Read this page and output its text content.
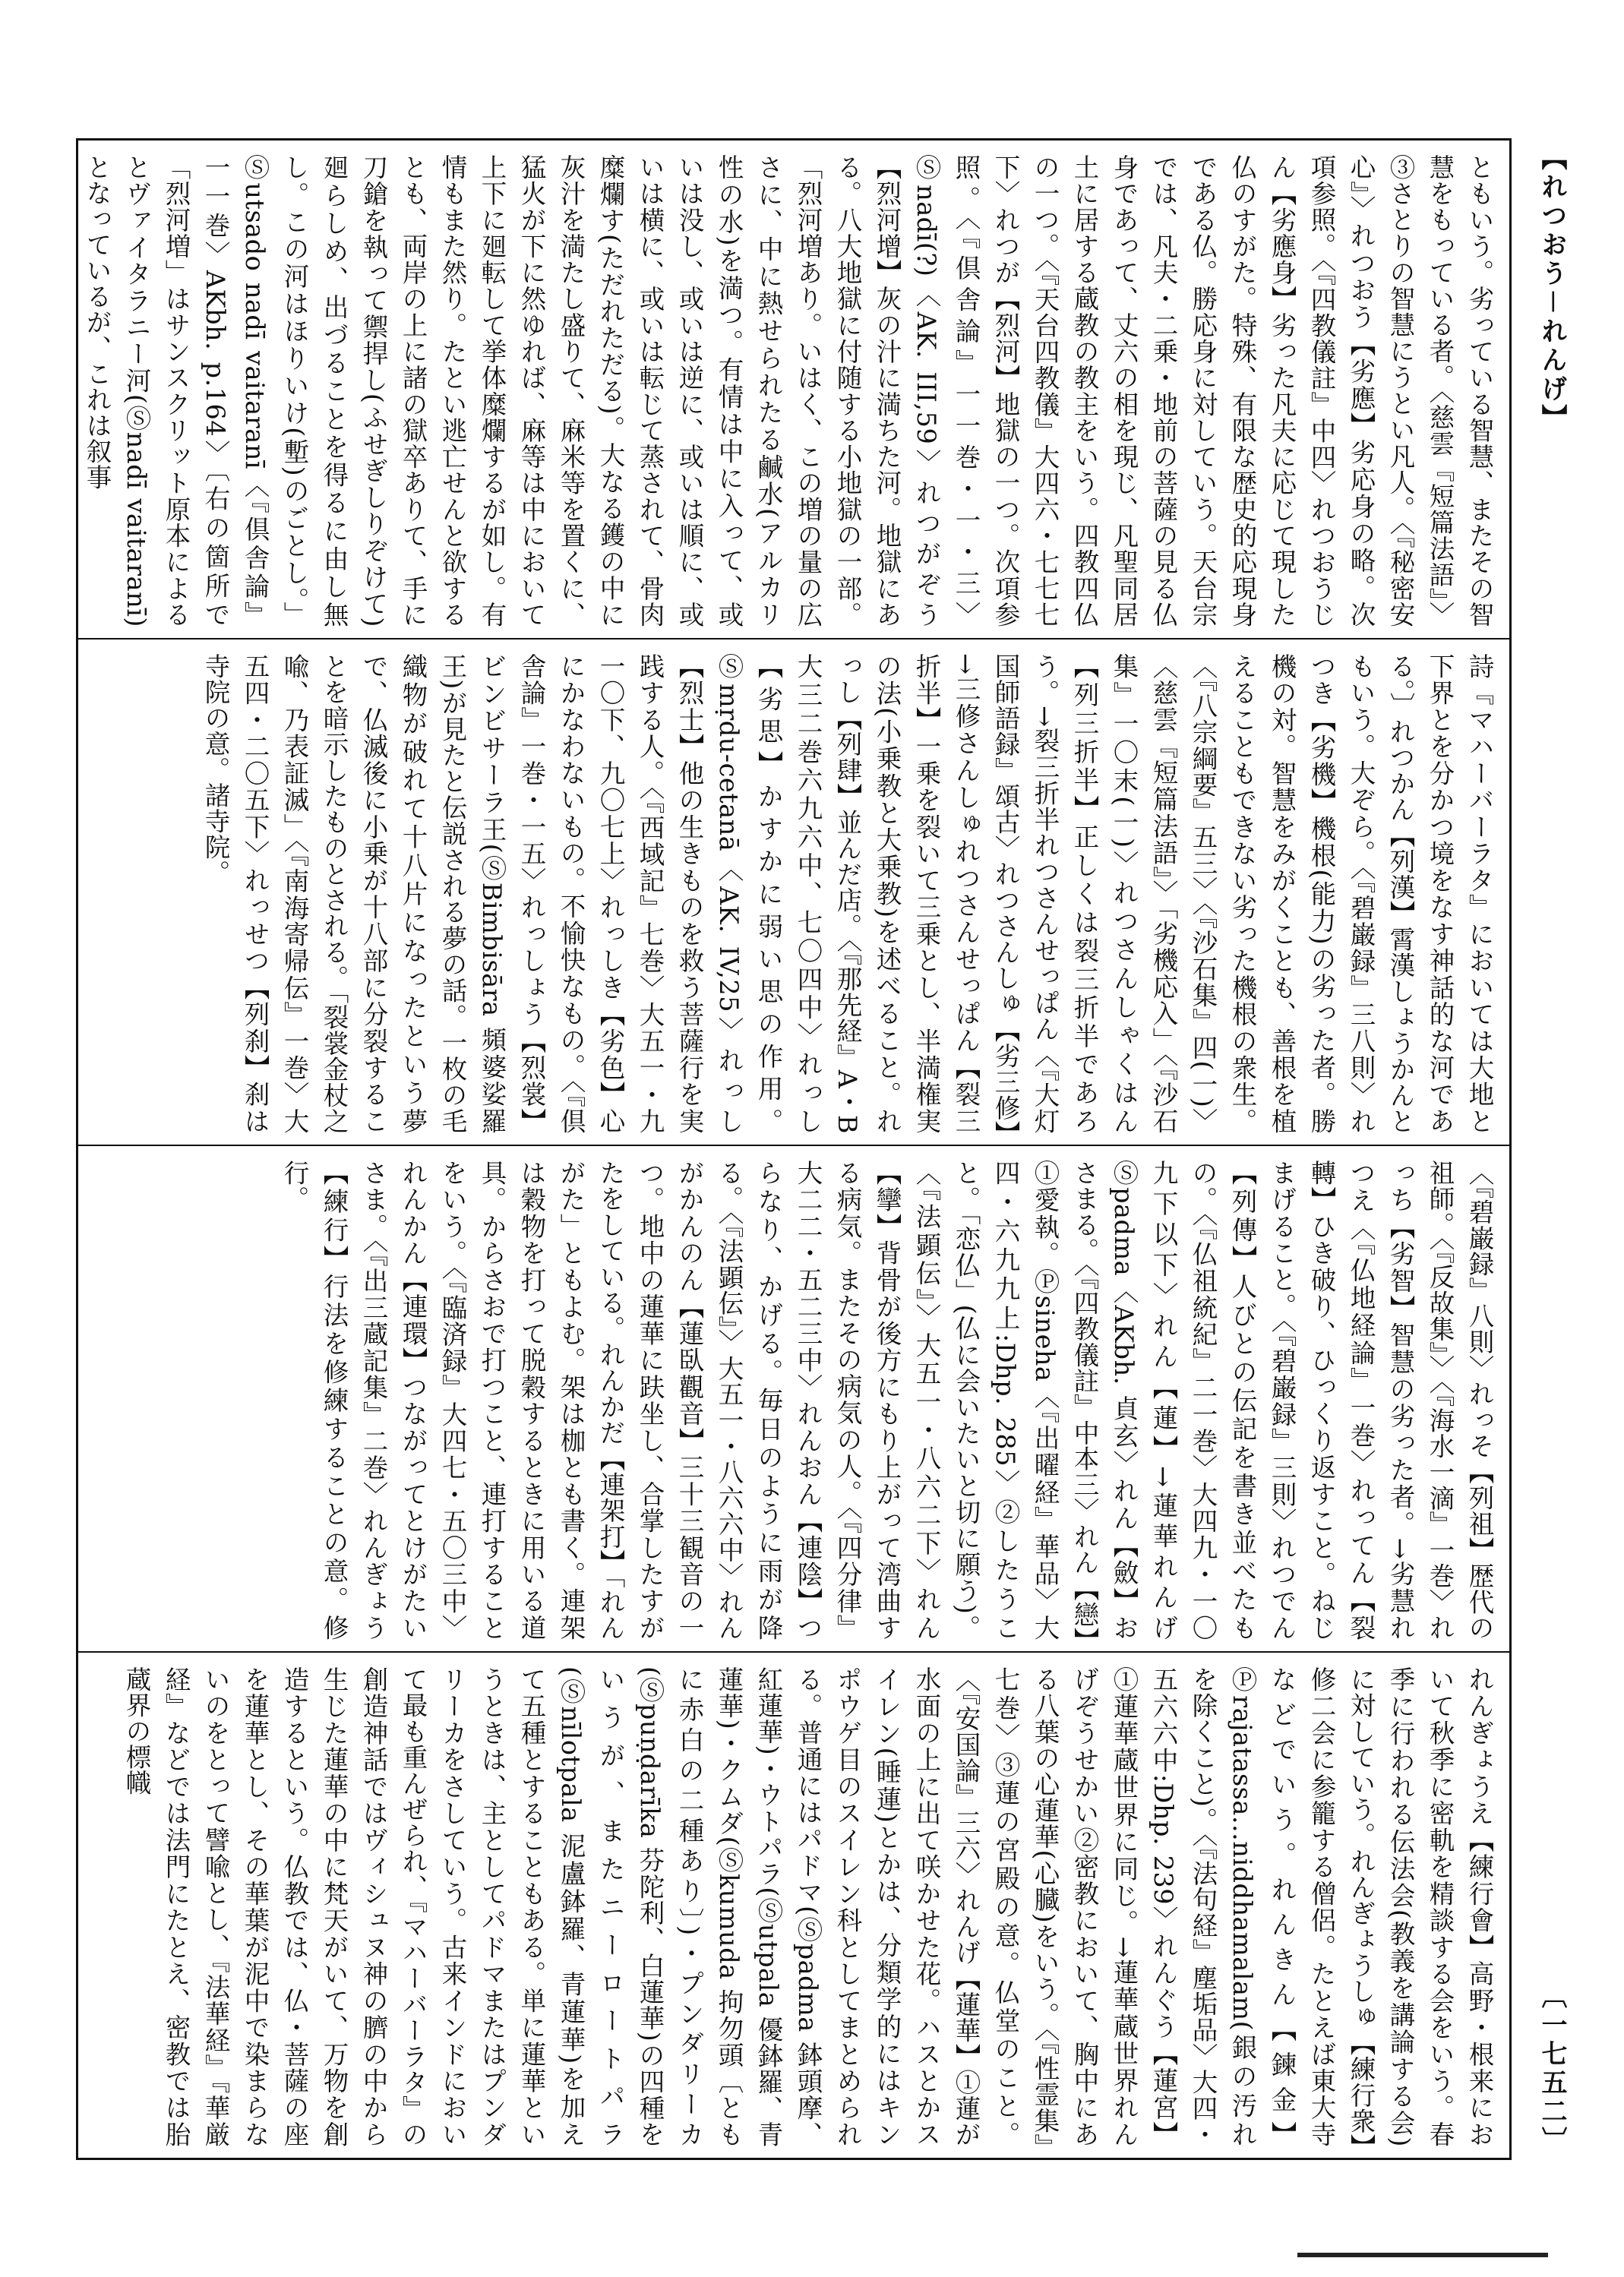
【れつおう－れんげ】
ともいう。劣っている智慧、またその智慧をもっている者。〈慈雲『短篇法語』〉③さとりの智慧にうとい凡人。〈『秘密安心』〉れつおう【劣應】劣応身の略。次項参照。〈『四教儀註』中四〉れつおうじん【劣應身】劣った凡夫に応じて現した仏のすがた。特殊、有限な歴史的応現身である仏。勝応身に対していう。天台宗では、凡夫・二乗・地前の菩薩の見る仏身であって、丈六の相を現じ、凡聖同居土に居する蔵教の教主をいう。四教四仏の一つ。〈『天台四教儀』大四六・七七七下〉れつが【烈河】地獄の一つ。次項参照。〈『倶舎論』一一巻・一・三〉Ⓢnadī(?)〈AK. III,59〉れつがぞう【烈河增】灰の汁に満ちた河。地獄にある。八大地獄に付随する小地獄の一部。「烈河増あり。いはく、この増の量の広さに、中に熱せられたる鹹水(アルカリ性の水)を満つ。有情は中に入って、或いは没し、或いは逆に、或いは順に、或いは横に、或いは転じて蒸されて、骨肉糜爛す(ただれただる)。大なる鑊の中に灰汁を満たし盛りて、麻米等を置くに、猛火が下に然ゆれば、麻等は中において上下に廻転して挙体糜爛するが如し。有情もまた然り。たとい逃亡せんと欲するとも、両岸の上に諸の獄卒ありて、手に刀鎗を執って禦捍し(ふせぎしりぞけて)廻らしめ、出づることを得るに由し無し。この河はほりいけ(塹)のごとし。」Ⓢutsado nadī vaitaranī〈『倶舎論』一一巻〉AKbh. p.164〉〔右の箇所で「烈河増」はサンスクリット原本によるとヴァイタラニー河(Ⓢnadī vaitaranī)となっているが、これは叙事
詩『マハーバーラタ』においては大地と下界とを分かつ境をなす神話的な河である。〕れつかん【列漢】霄漢しょうかんともいう。大ぞら。〈『碧巌録』三八則〉れつき【劣機】機根(能力)の劣った者。勝機の対。智慧をみがくことも、善根を植えることもできない劣った機根の衆生。〈『八宗綱要』五三〉〈『沙石集』四(一)〉〈慈雲『短篇法語』〉「劣機応入」〈『沙石集』一〇末(一)〉れつさんしゃくはん【列三折半】正しくは裂三折半であろう。→裂三折半れつさんせっぱん〈『大灯国師語録』頌古〉れつさんしゅ【劣三修】→三修さんしゅれつさんせっぱん【裂三折半】一乗を裂いて三乗とし、半満権実の法(小乗教と大乗教)を述べること。れっし【列肆】並んだ店。〈『那先経』A・B大三二巻六九六中、七〇四中〉れっし【劣思】かすかに弱い思の作用。Ⓢmṛdu-cetanā〈AK. IV,25〉れっし【烈士】他の生きものを救う菩薩行を実践する人。〈『西域記』七巻〉大五一・九一〇下、九〇七上〉れっしき【劣色】心にかなわないもの。不愉快なもの。〈『倶舎論』一巻・一五〉れっしょう【烈裳】ビンビサーラ王(ⓈBimbisāra 頻婆娑羅王)が見たと伝説される夢の話。一枚の毛織物が破れて十八片になったという夢で、仏滅後に小乗が十八部に分裂することを暗示したものとされる。「裂裳金杖之喩、乃表証滅」〈『南海寄帰伝』一巻〉大五四・二〇五下〉れっせつ【列刹】刹は寺院の意。諸寺院。
〈『碧巌録』八則〉れっそ【列祖】歴代の祖師。〈『反故集』〉〈『海水一滴』一巻〉れっち【劣智】智慧の劣った者。→劣慧れつえ〈『仏地経論』一巻〉れってん【裂轉】ひき破り、ひっくり返すこと。ねじまげること。〈『碧巌録』三則〉れつでん【列傳】人びとの伝記を書き並べたもの。〈『仏祖統紀』二一巻〉大四九・一〇九下以下〉れん【蓮】→蓮華れんげⓈpadma〈AKbh. 貞玄〉れん【斂】おさまる。〈『四教儀註』中本三〉れん【戀】①愛執。Ⓟsineha〈『出曜経』華品〉大四・六九九上:Dhp. 285〉②したうこと。「恋仏」(仏に会いたいと切に願う)。〈『法顕伝』〉大五一・八六二下〉れん【攣】背骨が後方にもり上がって湾曲する病気。またその病気の人。〈『四分律』大二二・五二三中〉れんおん【連陰】つらなり、かげる。毎日のように雨が降る。〈『法顕伝』〉大五一・八六六中〉れんがかんのん【蓮臥觀音】三十三観音の一つ。地中の蓮華に趺坐し、合掌したすがたをしている。れんかだ【連架打】「れんがた」ともよむ。架は枷とも書く。連架は穀物を打って脱穀するときに用いる道具。からさおで打つこと、連打することをいう。〈『臨済録』大四七・五〇三中〉れんかん【連環】つながってとけがたいさま。〈『出三蔵記集』二巻〉れんぎょう【練行】行法を修練することの意。修行。
れんぎょうえ【練行會】高野・根来において秋季に密軌を精談する会をいう。春季に行われる伝法会(教義を講論する会)に対していう。れんぎょうしゅ【練行衆】修二会に参籠する僧侶。たとえば東大寺などでいう。れんきん【鍊金】Ⓟrajatassa...niddhamalam(銀の汚れを除くこと)。〈『法句経』塵垢品〉大四・五六六中:Dhp. 239〉れんぐう【蓮宮】①蓮華蔵世界に同じ。→蓮華蔵世界れんげぞうせかい②密教において、胸中にある八葉の心蓮華(心臓)をいう。〈『性霊集』七巻〉③蓮の宮殿の意。仏堂のこと。〈『安国論』三六〉れんげ【蓮華】①蓮が水面の上に出て咲かせた花。ハスとかスイレン(睡蓮)とかは、分類学的にはキンポウゲ目のスイレン科としてまとめられる。普通にはパドマ(Ⓢpadma 鉢頭摩、紅蓮華)・ウトパラ(Ⓢutpala 優鉢羅、青蓮華)・クムダ(Ⓢkumuda 拘勿頭〔ともに赤白の二種あり〕)・プンダリーカ(Ⓢpuṇḍarīka 芬陀利、白蓮華)の四種をいうが、またニーロートパラ(Ⓢnīlotpala 泥盧鉢羅、青蓮華)を加えて五種とすることもある。単に蓮華というときは、主としてパドマまたはプンダリーカをさしていう。古来インドにおいて最も重んぜられ、『マハーバーラタ』の創造神話ではヴィシュヌ神の臍の中から生じた蓮華の中に梵天がいて、万物を創造するという。仏教では、仏・菩薩の座を蓮華とし、その華葉が泥中で染まらないのをとって譬喩とし、『法華経』『華厳経』などでは法門にたとえ、密教では胎蔵界の標幟
〔一七五二〕
